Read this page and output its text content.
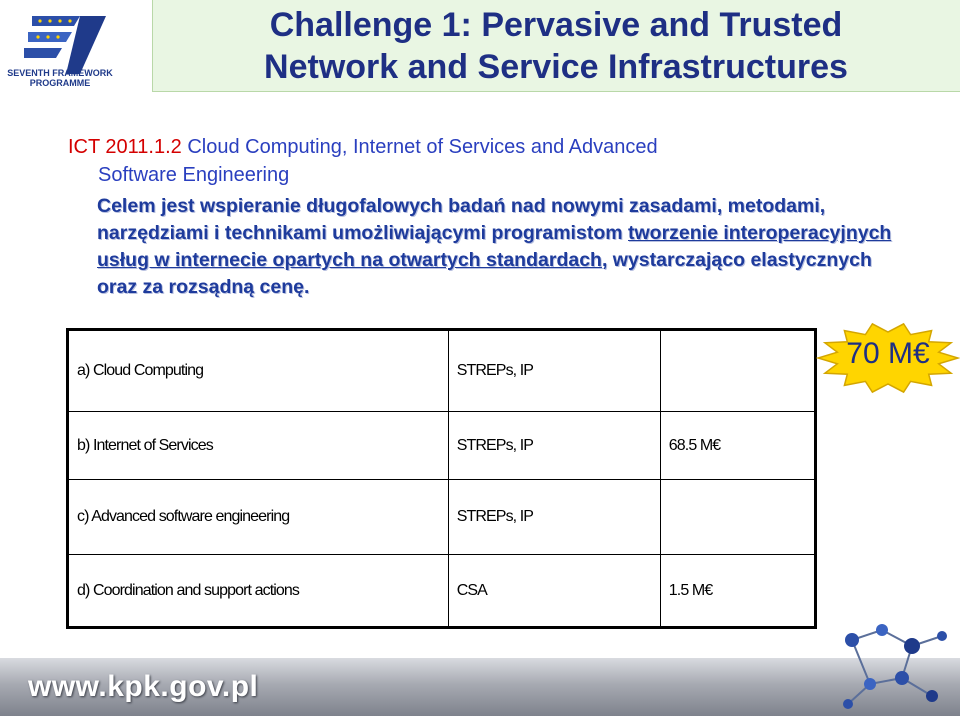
SEVENTH FRAMEWORK
PROGRAMME
Challenge 1: Pervasive and Trusted
Network and Service Infrastructures
ICT 2011.1.2 Cloud Computing, Internet of Services and Advanced
Software Engineering
Celem jest wspieranie długofalowych badań nad nowymi zasadami, metodami, narzędziami i technikami umożliwiającymi programistom tworzenie interoperacyjnych usług w internecie opartych na otwartych standardach, wystarczająco elastycznych oraz za rozsądną cenę.
a) Cloud Computing	STREPs, IP	
b) Internet of Services	STREPs, IP	68.5 M€
c) Advanced software engineering	STREPs, IP	
d) Coordination and support actions	CSA	1.5 M€
70 M€
www.kpk.gov.pl
